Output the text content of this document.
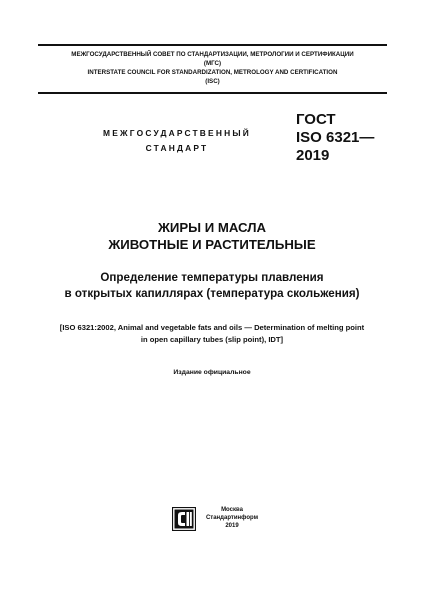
МЕЖГОСУДАРСТВЕННЫЙ СОВЕТ ПО СТАНДАРТИЗАЦИИ, МЕТРОЛОГИИ И СЕРТИФИКАЦИИ
(МГС)
INTERSTATE COUNCIL FOR STANDARDIZATION, METROLOGY AND CERTIFICATION
(ISC)
МЕЖГОСУДАРСТВЕННЫЙ
СТАНДАРТ
ГОСТ
ISO 6321—
2019
ЖИРЫ И МАСЛА
ЖИВОТНЫЕ И РАСТИТЕЛЬНЫЕ
Определение температуры плавления
в открытых капиллярах (температура скольжения)
[ISO 6321:2002, Animal and vegetable fats and oils — Determination of melting point
in open capillary tubes (slip point), IDT]
Издание официальное
Москва
Стандартинформ
2019
